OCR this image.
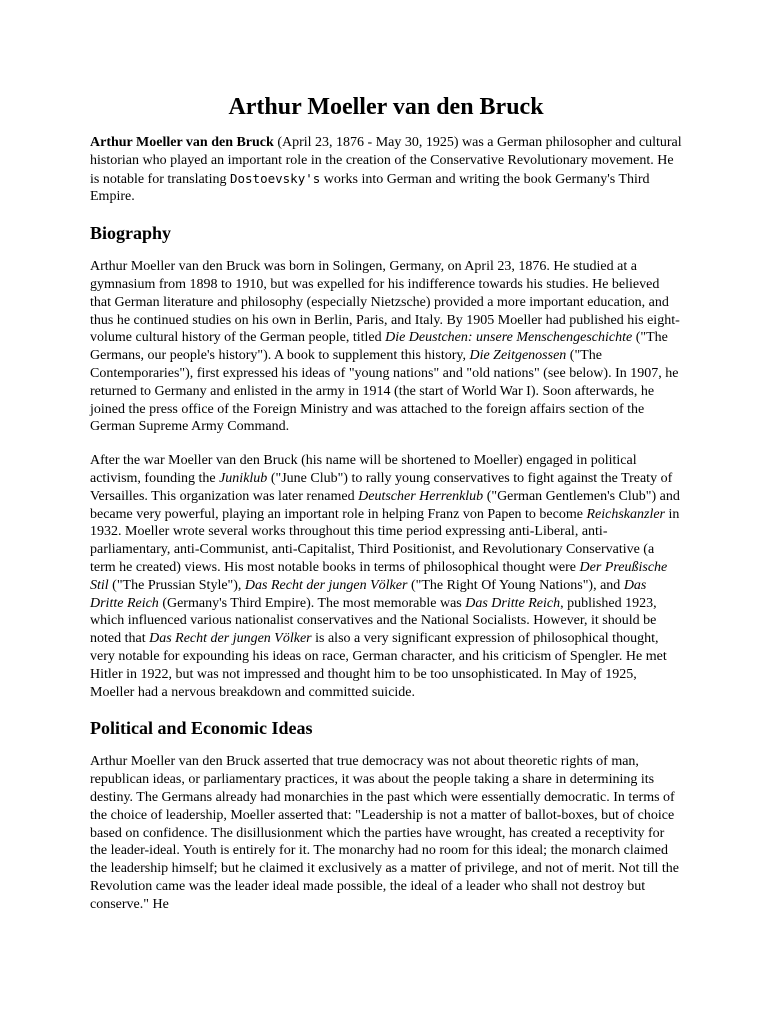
Arthur Moeller van den Bruck

Arthur Moeller van den Bruck (April 23, 1876 - May 30, 1925) was a German philosopher and cultural historian who played an important role in the creation of the Conservative Revolutionary movement. He is notable for translating Dostoevsky's works into German and writing the book Germany's Third Empire.

Biography

Arthur Moeller van den Bruck was born in Solingen, Germany, on April 23, 1876. He studied at a gymnasium from 1898 to 1910, but was expelled for his indifference towards his studies. He believed that German literature and philosophy (especially Nietzsche) provided a more important education, and thus he continued studies on his own in Berlin, Paris, and Italy. By 1905 Moeller had published his eight-volume cultural history of the German people, titled Die Deustchen: unsere Menschengeschichte ("The Germans, our people's history"). A book to supplement this history, Die Zeitgenossen ("The Contemporaries"), first expressed his ideas of "young nations" and "old nations" (see below). In 1907, he returned to Germany and enlisted in the army in 1914 (the start of World War I). Soon afterwards, he joined the press office of the Foreign Ministry and was attached to the foreign affairs section of the German Supreme Army Command.

After the war Moeller van den Bruck (his name will be shortened to Moeller) engaged in political activism, founding the Juniklub ("June Club") to rally young conservatives to fight against the Treaty of Versailles. This organization was later renamed Deutscher Herrenklub ("German Gentlemen's Club") and became very powerful, playing an important role in helping Franz von Papen to become Reichskanzler in 1932. Moeller wrote several works throughout this time period expressing anti-Liberal, anti-parliamentary, anti-Communist, anti-Capitalist, Third Positionist, and Revolutionary Conservative (a term he created) views. His most notable books in terms of philosophical thought were Der Preußische Stil ("The Prussian Style"), Das Recht der jungen Völker ("The Right Of Young Nations"), and Das Dritte Reich (Germany's Third Empire). The most memorable was Das Dritte Reich, published 1923, which influenced various nationalist conservatives and the National Socialists. However, it should be noted that Das Recht der jungen Völker is also a very significant expression of philosophical thought, very notable for expounding his ideas on race, German character, and his criticism of Spengler. He met Hitler in 1922, but was not impressed and thought him to be too unsophisticated. In May of 1925, Moeller had a nervous breakdown and committed suicide.

Political and Economic Ideas

Arthur Moeller van den Bruck asserted that true democracy was not about theoretic rights of man, republican ideas, or parliamentary practices, it was about the people taking a share in determining its destiny. The Germans already had monarchies in the past which were essentially democratic. In terms of the choice of leadership, Moeller asserted that: "Leadership is not a matter of ballot-boxes, but of choice based on confidence. The disillusionment which the parties have wrought, has created a receptivity for the leader-ideal. Youth is entirely for it. The monarchy had no room for this ideal; the monarch claimed the leadership himself; but he claimed it exclusively as a matter of privilege, and not of merit. Not till the Revolution came was the leader ideal made possible, the ideal of a leader who shall not destroy but conserve." He
